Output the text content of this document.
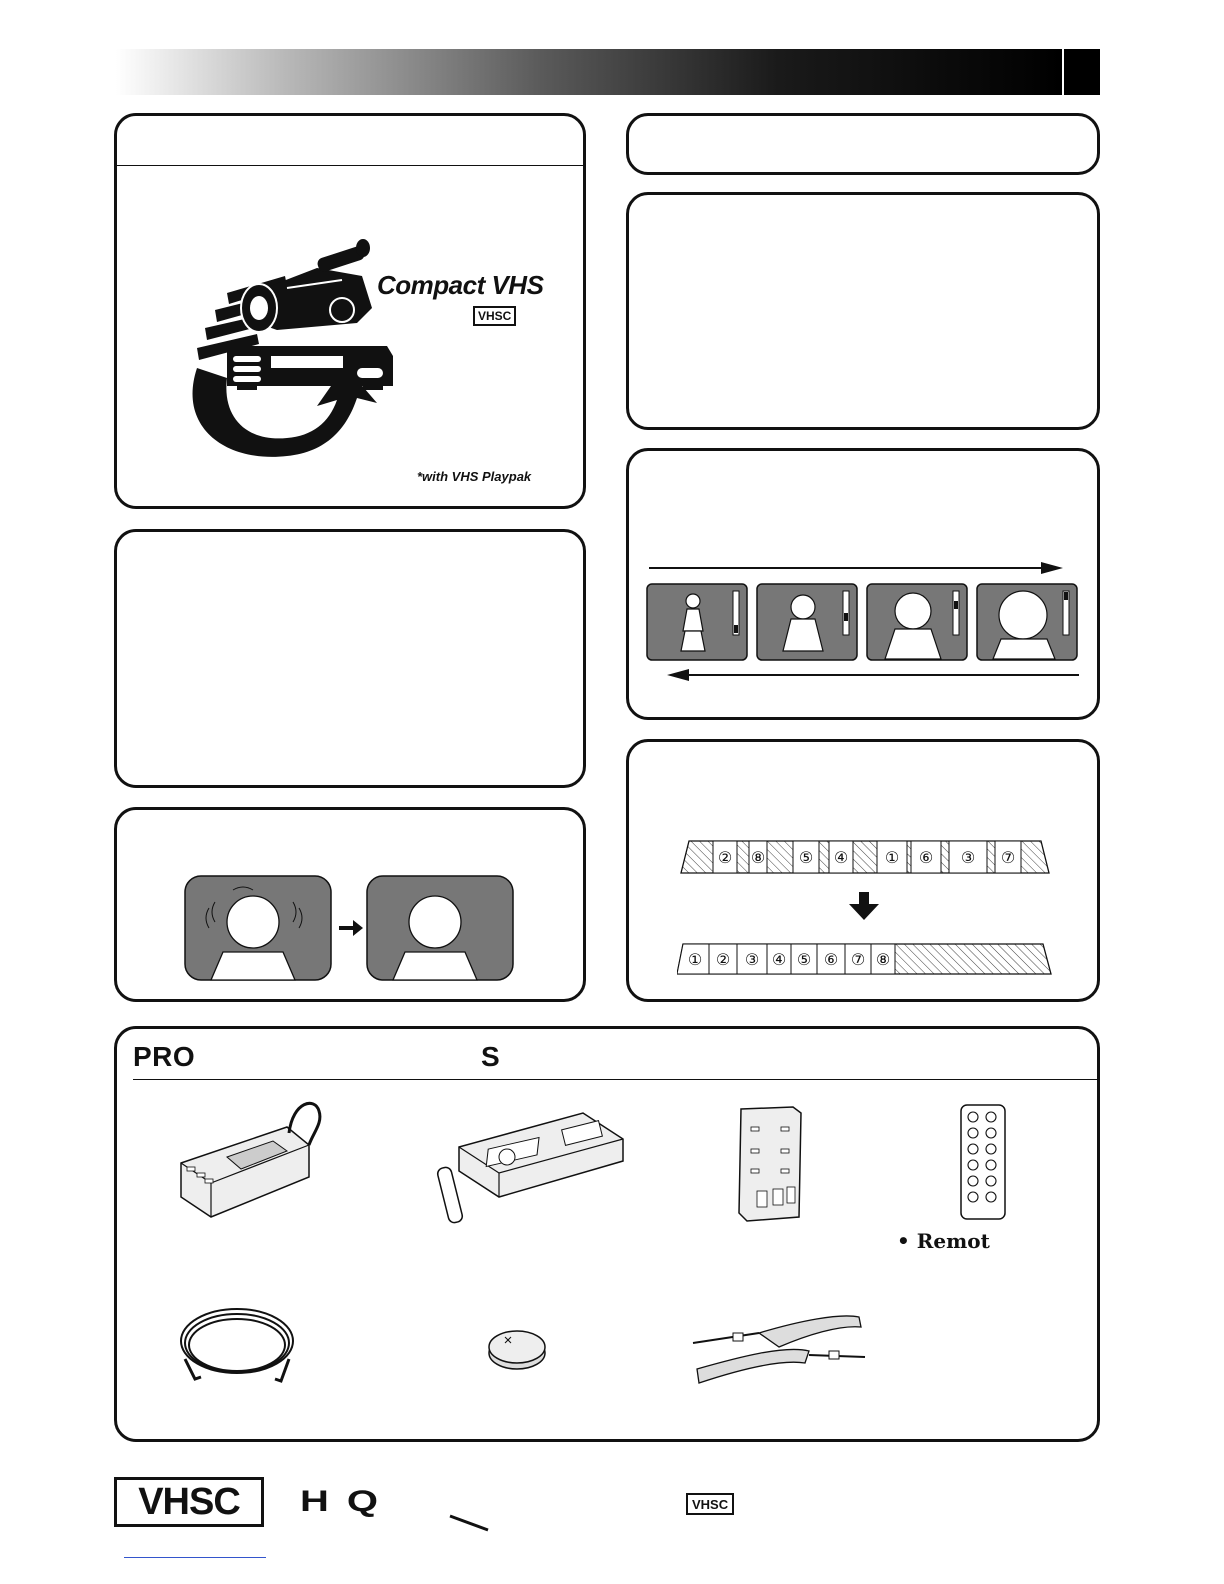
Compact VHS
VHSC
*with VHS Playpak
② ⑧ ⑤ ④ ① ⑥ ③ ⑦
① ② ③ ④ ⑤ ⑥ ⑦ ⑧
PRO	S
• Remot
VHSC HQ	VHSC
